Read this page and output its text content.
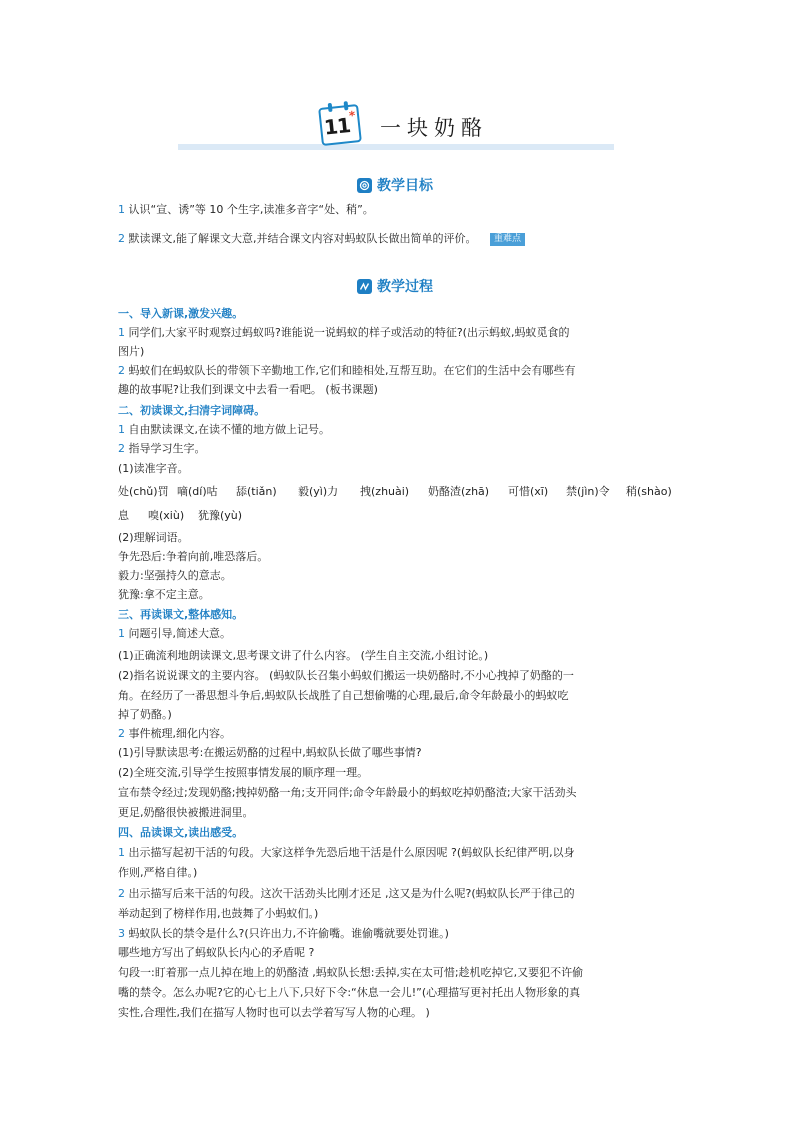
11
*
一块奶酪
教学目标
1 认识“宣、诱”等 10 个生字,读准多音字“处、稍”。
2 默读课文,能了解课文大意,并结合课文内容对蚂蚁队长做出简单的评价。 重难点
教学过程
一、导入新课,激发兴趣。
1 同学们,大家平时观察过蚂蚁吗?谁能说一说蚂蚁的样子或活动的特征?(出示蚂蚁,蚂蚁觅食的
图片)
2 蚂蚁们在蚂蚁队长的带领下辛勤地工作,它们和睦相处,互帮互助。在它们的生活中会有哪些有
趣的故事呢?让我们到课文中去看一看吧。 (板书课题)
二、初读课文,扫清字词障碍。
1 自由默读课文,在读不懂的地方做上记号。
2 指导学习生字。
(1)读准字音。
处(chǔ)罚 嘀(dí)咕 舔(tiǎn) 毅(yì)力 拽(zhuài) 奶酪渣(zhā) 可惜(xī) 禁(jìn)令 稍(shào)
息 嗅(xiù) 犹豫(yù)
(2)理解词语。
争先恐后:争着向前,唯恐落后。
毅力:坚强持久的意志。
犹豫:拿不定主意。
三、再读课文,整体感知。
1 问题引导,简述大意。
(1)正确流利地朗读课文,思考课文讲了什么内容。 (学生自主交流,小组讨论。)
(2)指名说说课文的主要内容。 (蚂蚁队长召集小蚂蚁们搬运一块奶酪时,不小心拽掉了奶酪的一
角。在经历了一番思想斗争后,蚂蚁队长战胜了自己想偷嘴的心理,最后,命令年龄最小的蚂蚁吃
掉了奶酪。)
2 事件梳理,细化内容。
(1)引导默读思考:在搬运奶酪的过程中,蚂蚁队长做了哪些事情?
(2)全班交流,引导学生按照事情发展的顺序理一理。
宣布禁令经过;发现奶酪;拽掉奶酪一角;支开同伴;命令年龄最小的蚂蚁吃掉奶酪渣;大家干活劲头
更足,奶酪很快被搬进洞里。
四、品读课文,读出感受。
1 出示描写起初干活的句段。大家这样争先恐后地干活是什么原因呢 ?(蚂蚁队长纪律严明,以身
作则,严格自律。)
2 出示描写后来干活的句段。这次干活劲头比刚才还足 ,这又是为什么呢?(蚂蚁队长严于律己的
举动起到了榜样作用,也鼓舞了小蚂蚁们。)
3 蚂蚁队长的禁令是什么?(只许出力,不许偷嘴。谁偷嘴就要处罚谁。)
哪些地方写出了蚂蚁队长内心的矛盾呢 ?
句段一:盯着那一点儿掉在地上的奶酪渣 ,蚂蚁队长想:丢掉,实在太可惜;趁机吃掉它,又要犯不许偷
嘴的禁令。怎么办呢?它的心七上八下,只好下令:“休息一会儿!”(心理描写更衬托出人物形象的真
实性,合理性,我们在描写人物时也可以去学着写写人物的心理。 )
